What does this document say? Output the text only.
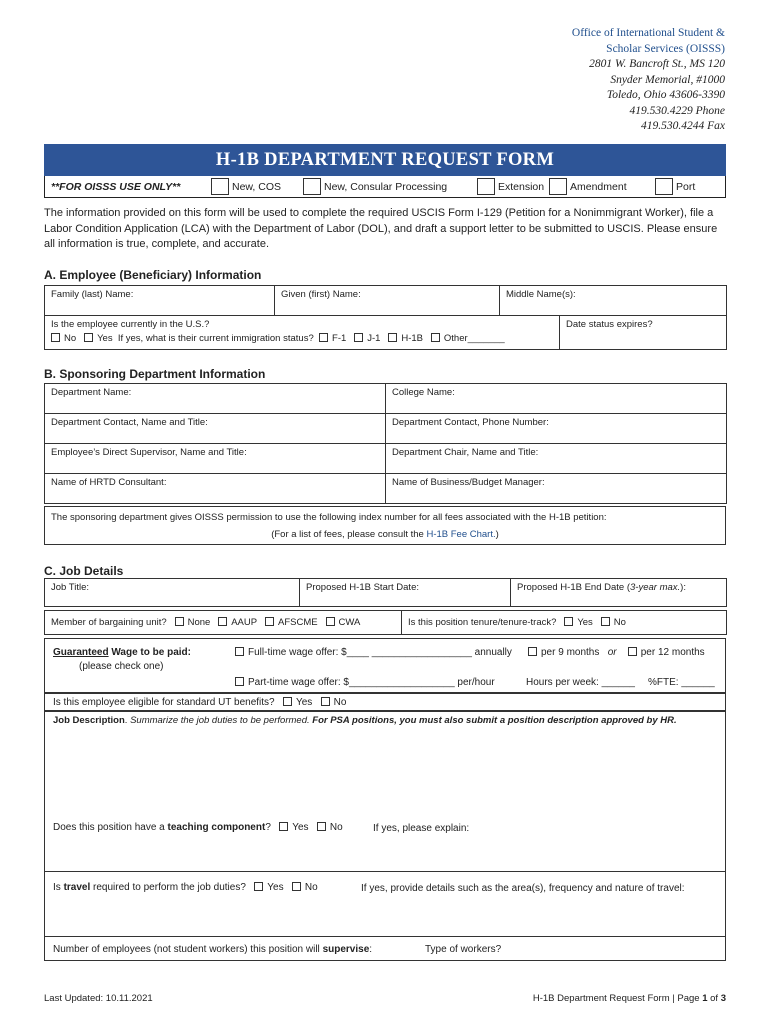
Office of International Student &
Scholar Services (OISSS)
2801 W. Bancroft St., MS 120
Snyder Memorial, #1000
Toledo, Ohio 43606-3390
419.530.4229 Phone
419.530.4244 Fax
H-1B DEPARTMENT REQUEST FORM
**FOR OISSS USE ONLY**	New, COS	New, Consular Processing	Extension Amendment	Port
The information provided on this form will be used to complete the required USCIS Form I-129 (Petition for a Nonimmigrant Worker), file a Labor Condition Application (LCA) with the Department of Labor (DOL), and draft a support letter to be submitted to USCIS. Please ensure all information is true, complete, and accurate.
A. Employee (Beneficiary) Information
Family (last) Name:	Given (first) Name:	Middle Name(s):
Is the employee currently in the U.S.?
No Yes If yes, what is their current immigration status? F-1 J-1 H-1B Other_______
	Date status expires?
B. Sponsoring Department Information
Department Name:	College Name:
Department Contact, Name and Title:	Department Contact, Phone Number:
Employee’s Direct Supervisor, Name and Title:	Department Chair, Name and Title:
Name of HRTD Consultant:	Name of Business/Budget Manager:
The sponsoring department gives OISSS permission to use the following index number for all fees associated with the H-1B petition:
(For a list of fees, please consult the H-1B Fee Chart.)
C. Job Details
Job Title:	Proposed H-1B Start Date:	Proposed H-1B End Date (3-year max.):
Member of bargaining unit? None AAUP AFSCME CWA	Is this position tenure/tenure-track? Yes No
Guaranteed Wage to be paid:
(please check one)
Full-time wage offer: $____ __________________ annually	per 9 months or per 12 months
Part-time wage offer: $___________________ per/hour	Hours per week: ______ %FTE: ______
Is this employee eligible for standard UT benefits? Yes No
Job Description. Summarize the job duties to be performed. For PSA positions, you must also submit a position description approved by HR.
Does this position have a teaching component? Yes No	If yes, please explain:
Is travel required to perform the job duties? Yes No	If yes, provide details such as the area(s), frequency and nature of travel:
Number of employees (not student workers) this position will supervise:	Type of workers?
Last Updated: 10.11.2021	H-1B Department Request Form | Page 1 of 3
